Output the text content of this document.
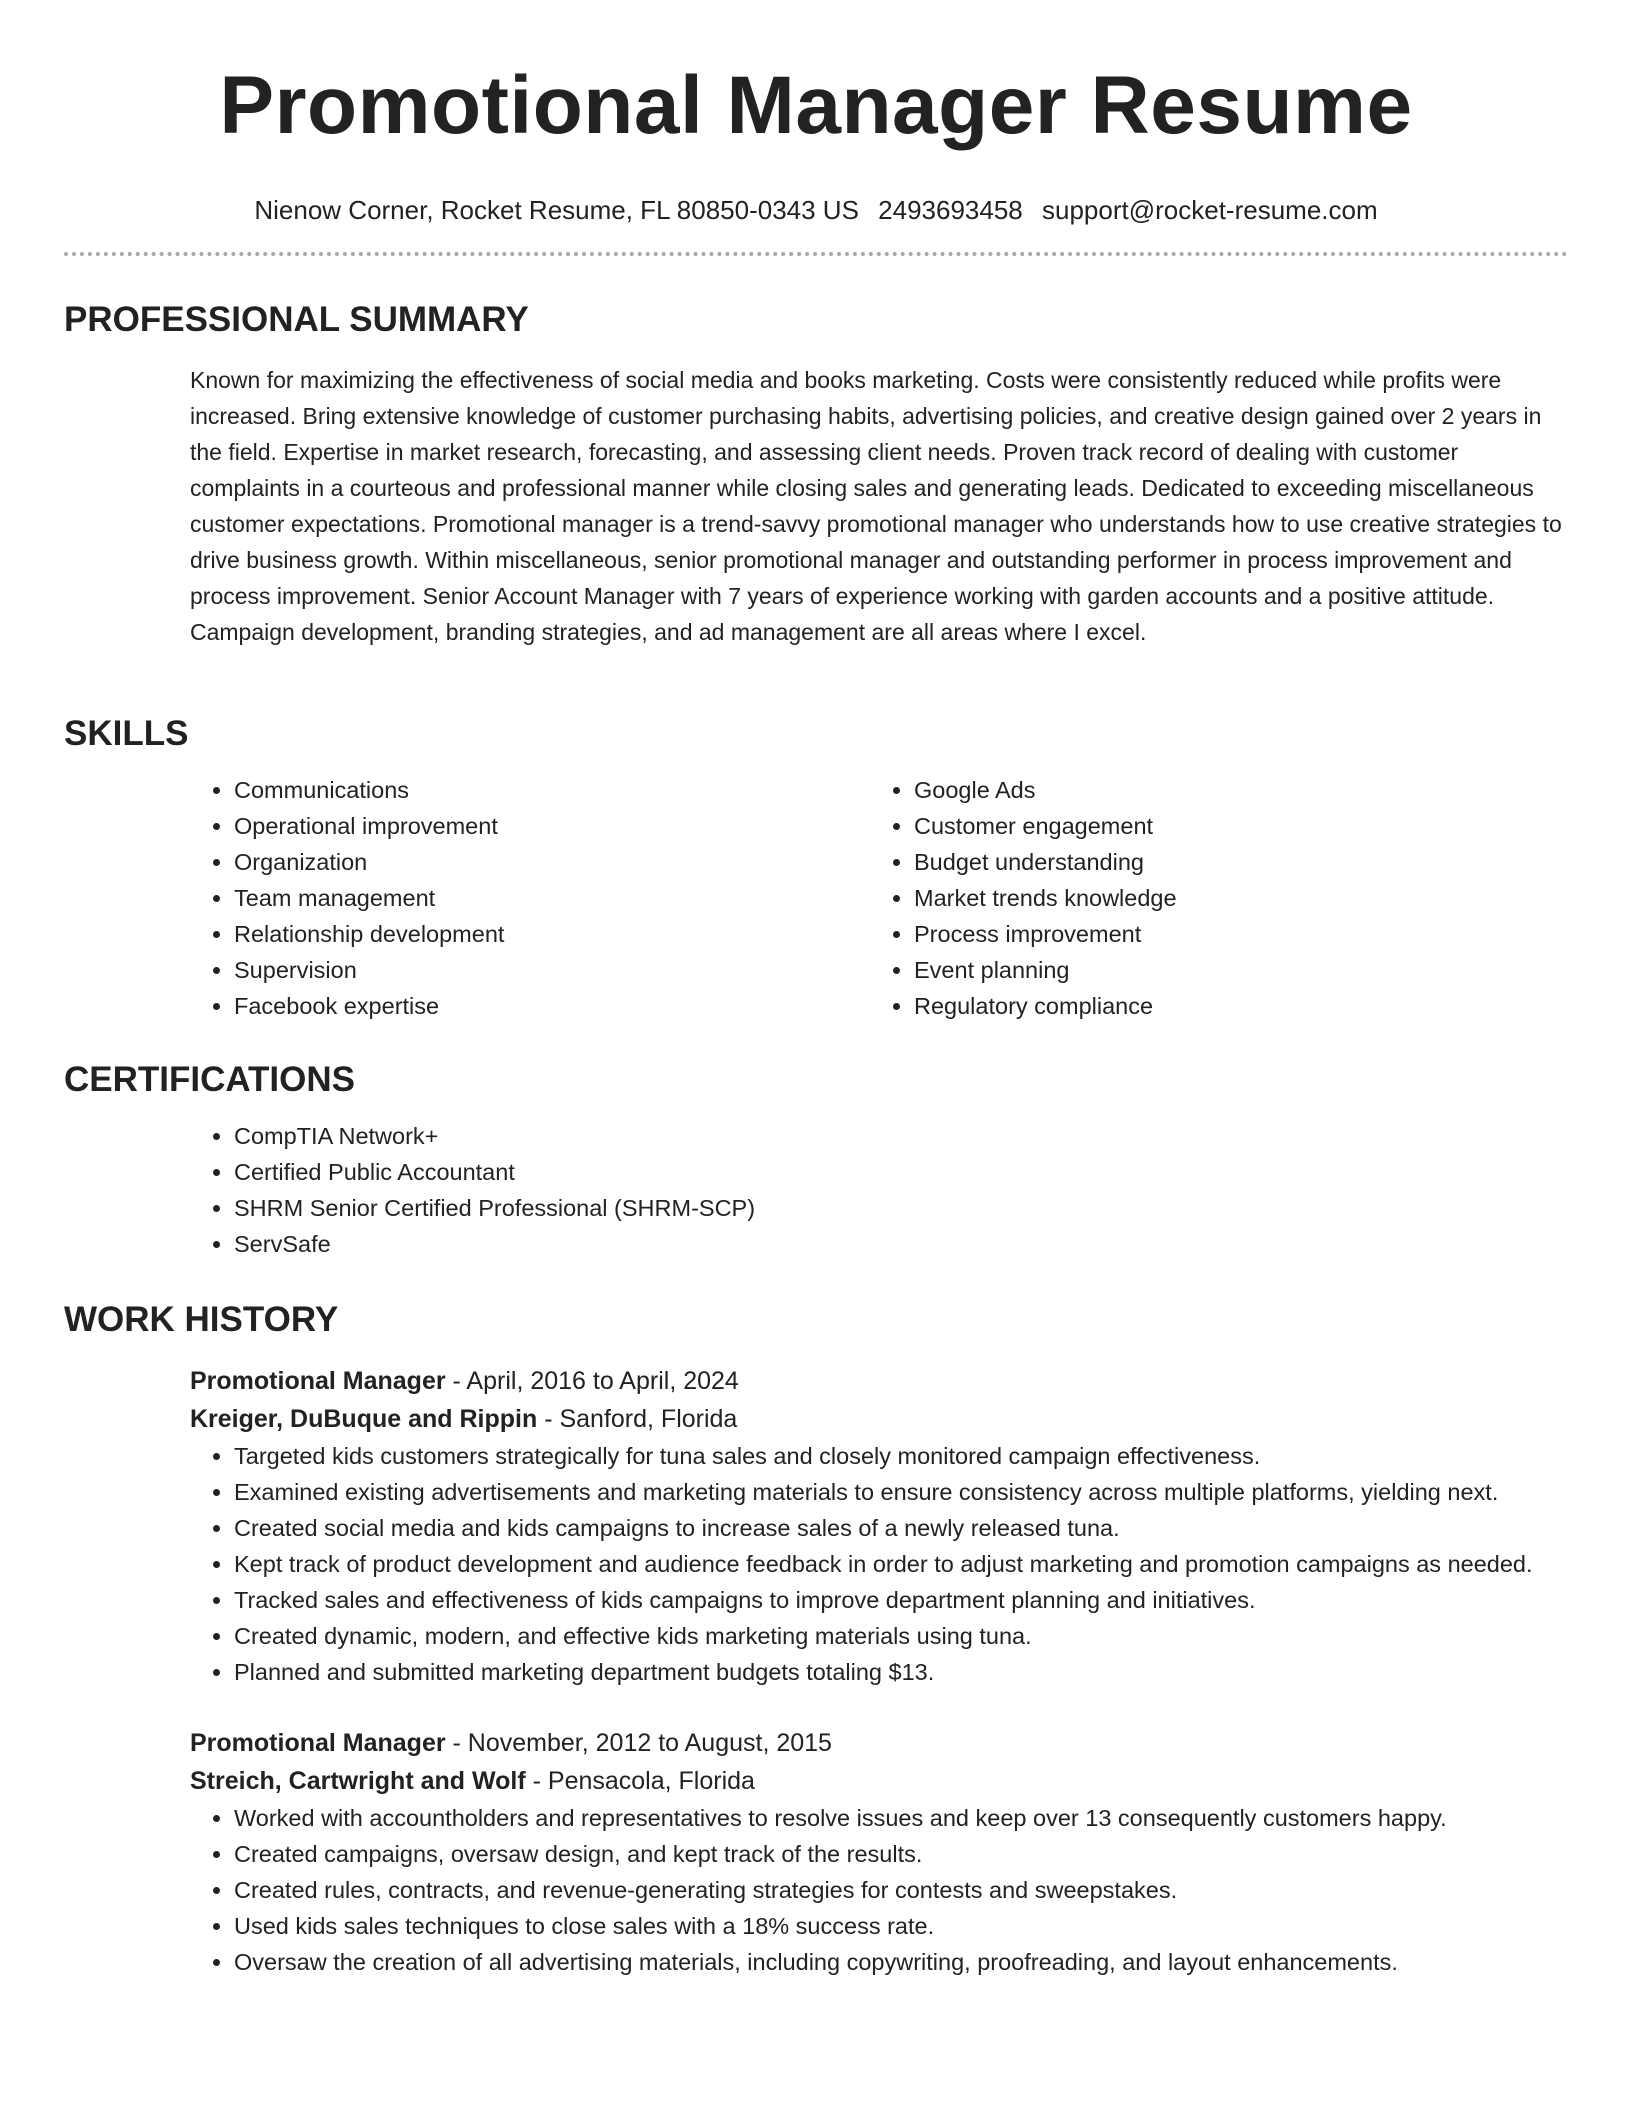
Promotional Manager Resume
Nienow Corner, Rocket Resume, FL 80850-0343 US 2493693458 support@rocket-resume.com
PROFESSIONAL SUMMARY
Known for maximizing the effectiveness of social media and books marketing. Costs were consistently reduced while profits were increased. Bring extensive knowledge of customer purchasing habits, advertising policies, and creative design gained over 2 years in the field. Expertise in market research, forecasting, and assessing client needs. Proven track record of dealing with customer complaints in a courteous and professional manner while closing sales and generating leads. Dedicated to exceeding miscellaneous customer expectations. Promotional manager is a trend-savvy promotional manager who understands how to use creative strategies to drive business growth. Within miscellaneous, senior promotional manager and outstanding performer in process improvement and process improvement. Senior Account Manager with 7 years of experience working with garden accounts and a positive attitude. Campaign development, branding strategies, and ad management are all areas where I excel.
SKILLS
• Communications
• Operational improvement
• Organization
• Team management
• Relationship development
• Supervision
• Facebook expertise
• Google Ads
• Customer engagement
• Budget understanding
• Market trends knowledge
• Process improvement
• Event planning
• Regulatory compliance
CERTIFICATIONS
• CompTIA Network+
• Certified Public Accountant
• SHRM Senior Certified Professional (SHRM-SCP)
• ServSafe
WORK HISTORY
Promotional Manager - April, 2016 to April, 2024
Kreiger, DuBuque and Rippin - Sanford, Florida
• Targeted kids customers strategically for tuna sales and closely monitored campaign effectiveness.
• Examined existing advertisements and marketing materials to ensure consistency across multiple platforms, yielding next.
• Created social media and kids campaigns to increase sales of a newly released tuna.
• Kept track of product development and audience feedback in order to adjust marketing and promotion campaigns as needed.
• Tracked sales and effectiveness of kids campaigns to improve department planning and initiatives.
• Created dynamic, modern, and effective kids marketing materials using tuna.
• Planned and submitted marketing department budgets totaling $13.
Promotional Manager - November, 2012 to August, 2015
Streich, Cartwright and Wolf - Pensacola, Florida
• Worked with accountholders and representatives to resolve issues and keep over 13 consequently customers happy.
• Created campaigns, oversaw design, and kept track of the results.
• Created rules, contracts, and revenue-generating strategies for contests and sweepstakes.
• Used kids sales techniques to close sales with a 18% success rate.
• Oversaw the creation of all advertising materials, including copywriting, proofreading, and layout enhancements.
